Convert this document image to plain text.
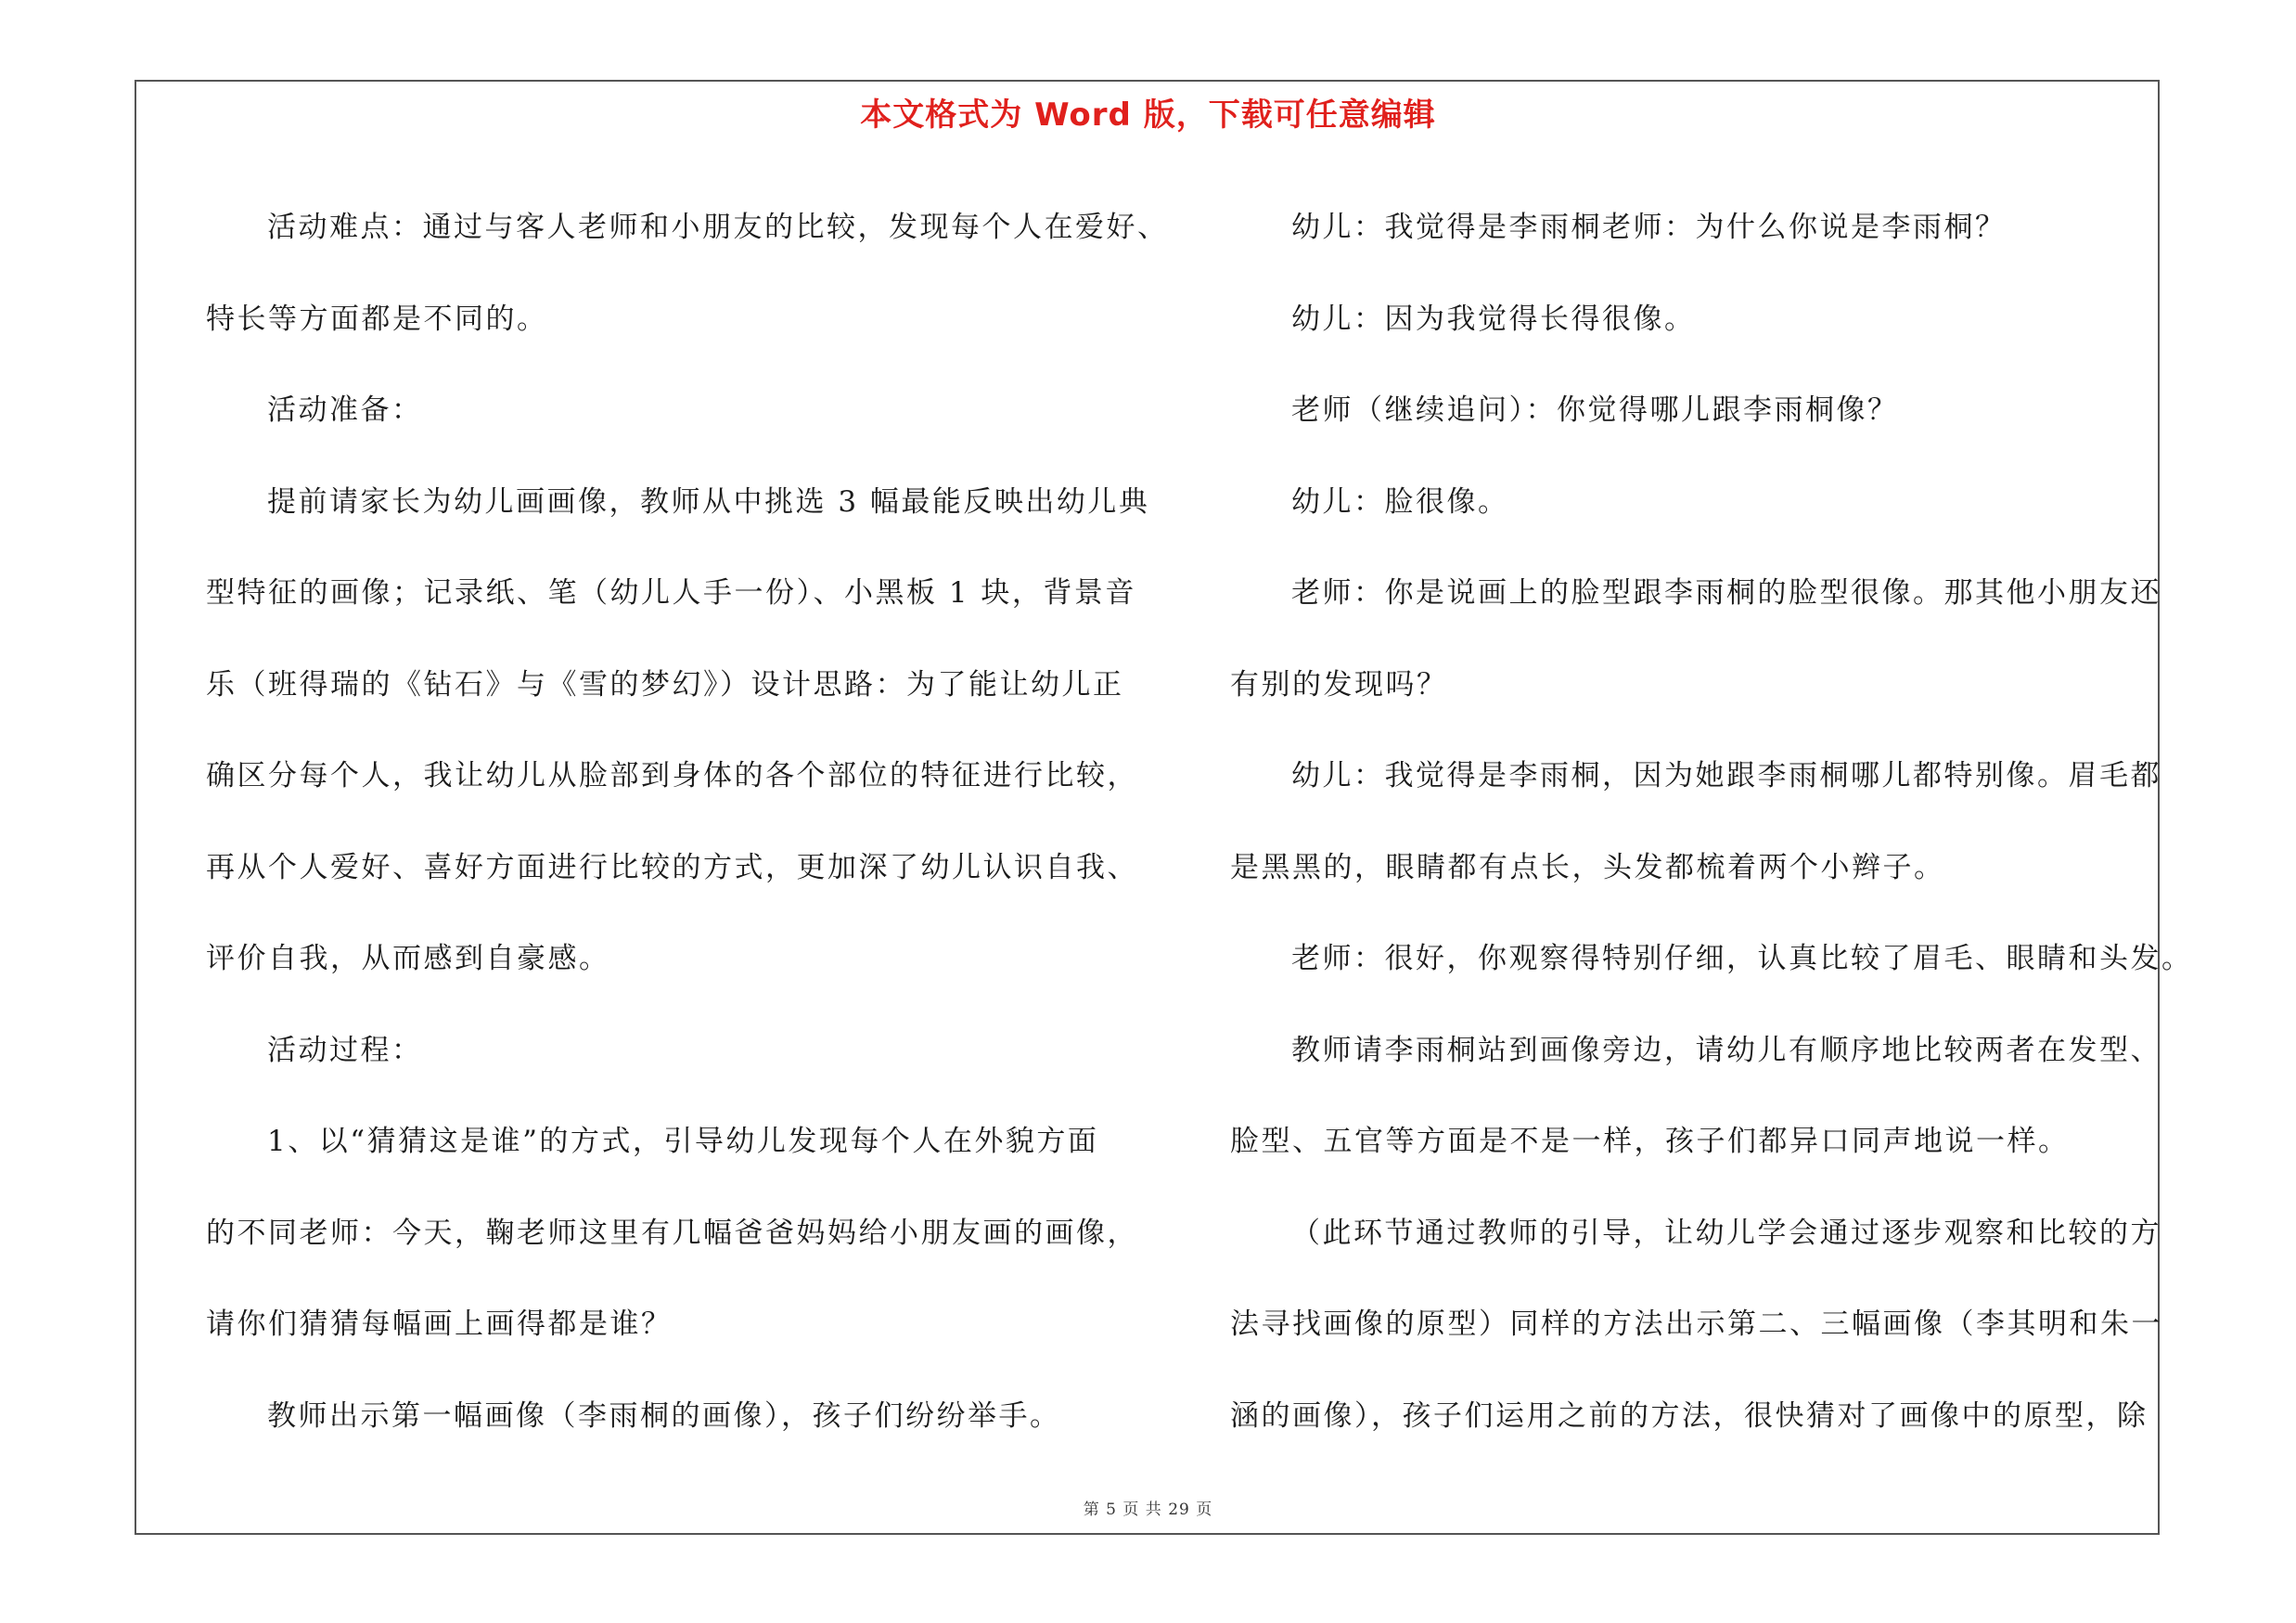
本文格式为 Word 版，下载可任意编辑

活动难点：通过与客人老师和小朋友的比较，发现每个人在爱好、

特长等方面都是不同的。

活动准备：

提前请家长为幼儿画画像，教师从中挑选 3 幅最能反映出幼儿典

型特征的画像；记录纸、笔（幼儿人手一份）、小黑板 1 块，背景音

乐（班得瑞的《钻石》与《雪的梦幻》）设计思路：为了能让幼儿正

确区分每个人，我让幼儿从脸部到身体的各个部位的特征进行比较，

再从个人爱好、喜好方面进行比较的方式，更加深了幼儿认识自我、

评价自我，从而感到自豪感。

活动过程：

1、以“猜猜这是谁”的方式，引导幼儿发现每个人在外貌方面

的不同老师：今天，鞠老师这里有几幅爸爸妈妈给小朋友画的画像，

请你们猜猜每幅画上画得都是谁？

教师出示第一幅画像（李雨桐的画像），孩子们纷纷举手。

幼儿：我觉得是李雨桐老师：为什么你说是李雨桐？

幼儿：因为我觉得长得很像。

老师（继续追问）：你觉得哪儿跟李雨桐像？

幼儿：脸很像。

老师：你是说画上的脸型跟李雨桐的脸型很像。那其他小朋友还

有别的发现吗？

幼儿：我觉得是李雨桐，因为她跟李雨桐哪儿都特别像。眉毛都

是黑黑的，眼睛都有点长，头发都梳着两个小辫子。

老师：很好，你观察得特别仔细，认真比较了眉毛、眼睛和头发。

教师请李雨桐站到画像旁边，请幼儿有顺序地比较两者在发型、

脸型、五官等方面是不是一样，孩子们都异口同声地说一样。

（此环节通过教师的引导，让幼儿学会通过逐步观察和比较的方

法寻找画像的原型）同样的方法出示第二、三幅画像（李其明和朱一

涵的画像），孩子们运用之前的方法，很快猜对了画像中的原型，除

第 5 页 共 29 页
